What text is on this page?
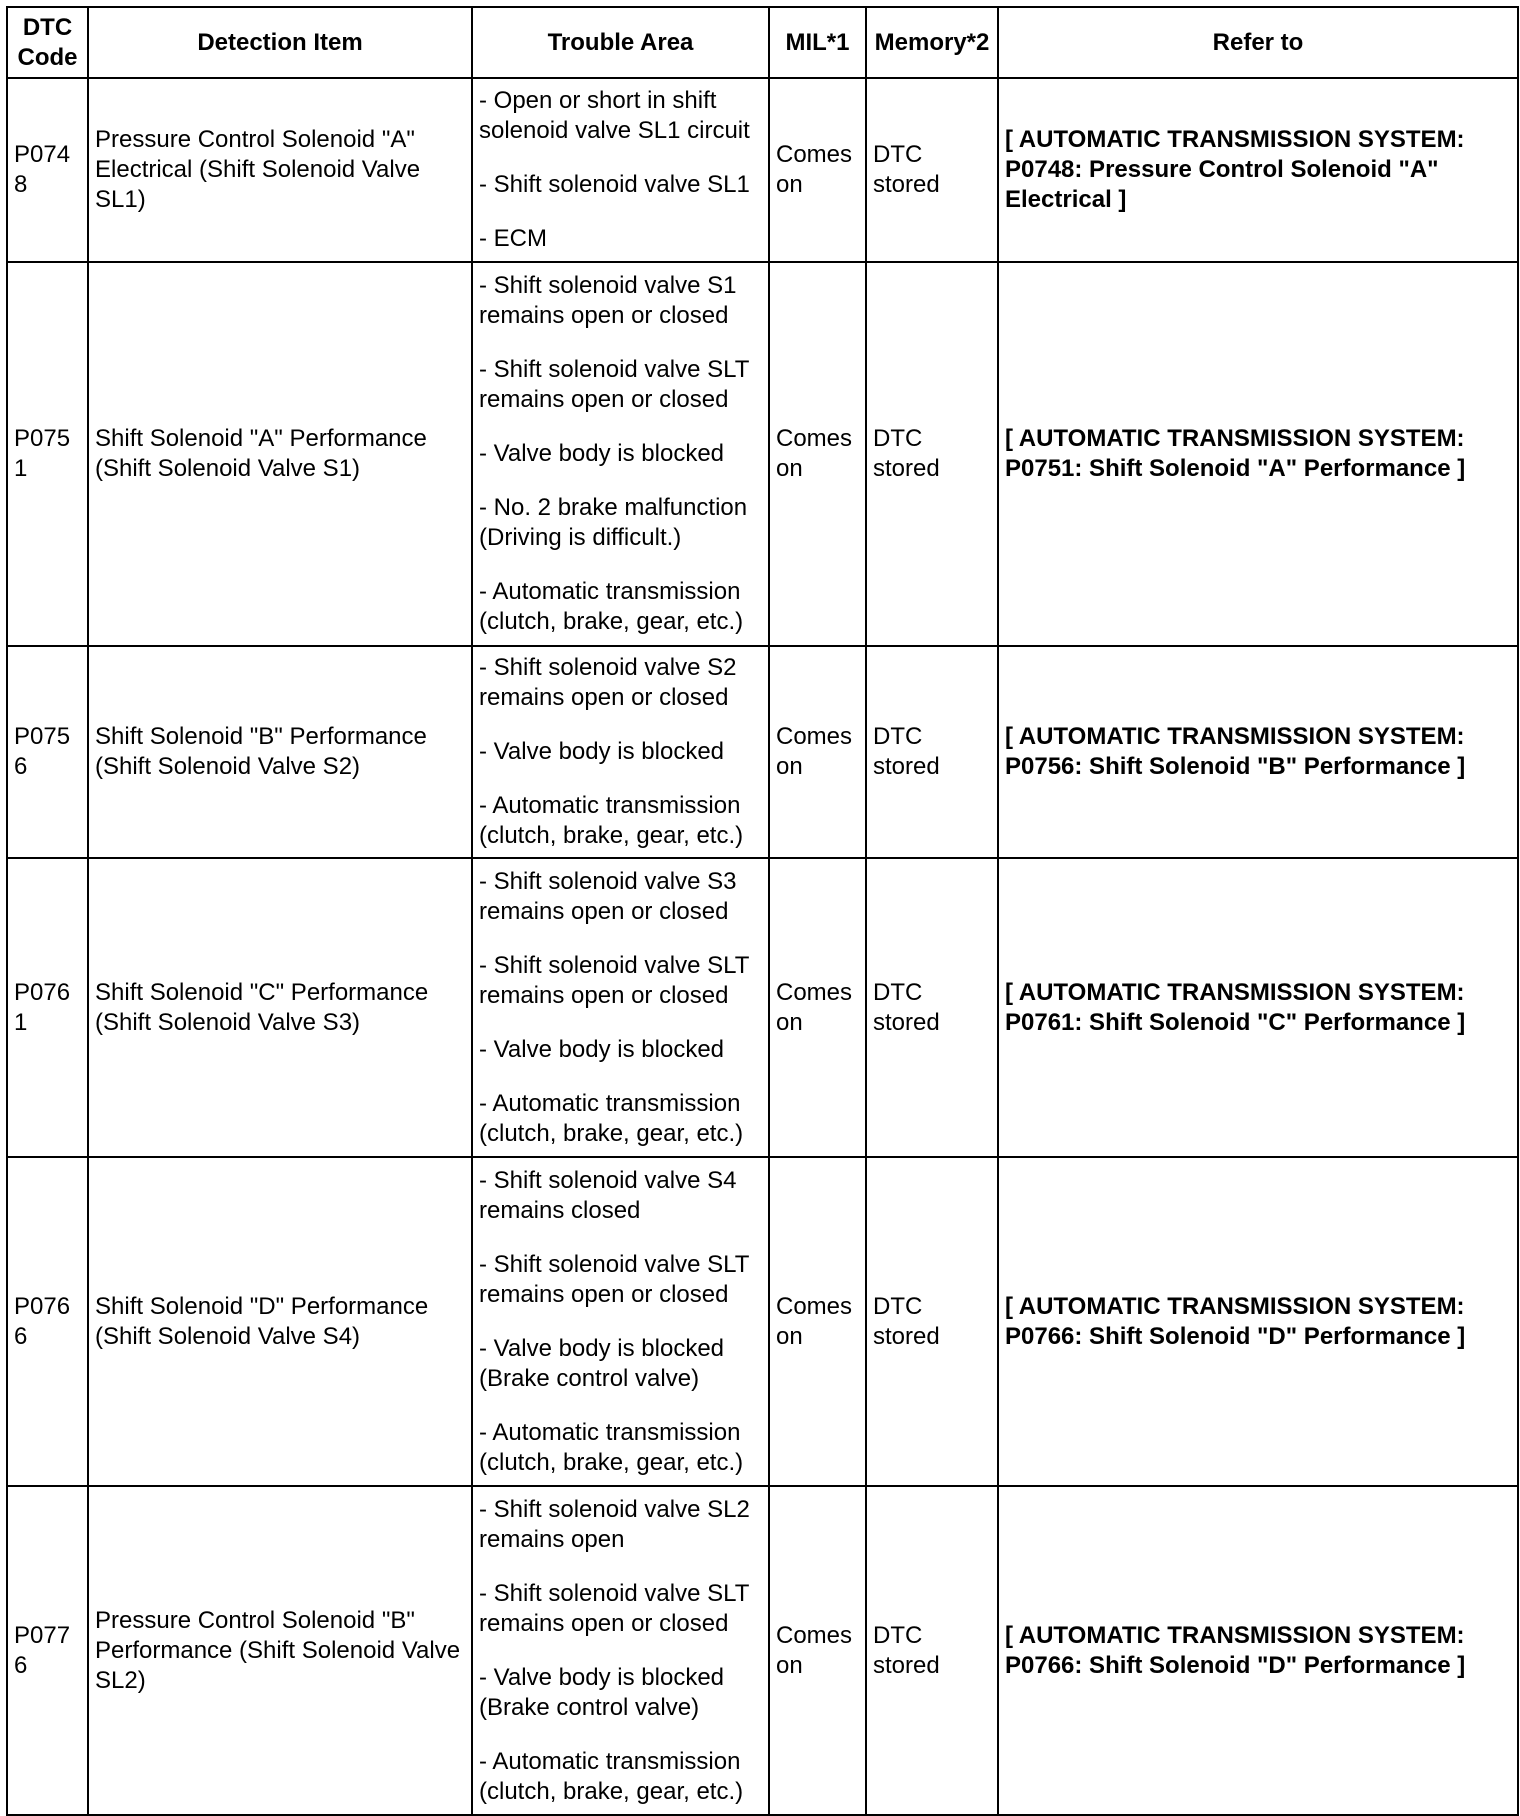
DTC Code	Detection Item	Trouble Area	MIL*1	Memory*2	Refer to
P0748	Pressure Control Solenoid "A" Electrical (Shift Solenoid Valve SL1)	- Open or short in shift solenoid valve SL1 circuit
- Shift solenoid valve SL1
- ECM	Comes on	DTC stored	[ AUTOMATIC TRANSMISSION SYSTEM:
P0748: Pressure Control Solenoid "A"
Electrical ]

P0751	Shift Solenoid "A" Performance (Shift Solenoid Valve S1)	- Shift solenoid valve S1 remains open or closed
- Shift solenoid valve SLT remains open or closed
- Valve body is blocked
- No. 2 brake malfunction (Driving is difficult.)
- Automatic transmission (clutch, brake, gear, etc.)	Comes on	DTC stored	[ AUTOMATIC TRANSMISSION SYSTEM:
P0751: Shift Solenoid "A" Performance ]

P0756	Shift Solenoid "B" Performance (Shift Solenoid Valve S2)	- Shift solenoid valve S2 remains open or closed
- Valve body is blocked
- Automatic transmission (clutch, brake, gear, etc.)	Comes on	DTC stored	[ AUTOMATIC TRANSMISSION SYSTEM:
P0756: Shift Solenoid "B" Performance ]

P0761	Shift Solenoid "C" Performance (Shift Solenoid Valve S3)	- Shift solenoid valve S3 remains open or closed
- Shift solenoid valve SLT remains open or closed
- Valve body is blocked
- Automatic transmission (clutch, brake, gear, etc.)	Comes on	DTC stored	[ AUTOMATIC TRANSMISSION SYSTEM:
P0761: Shift Solenoid "C" Performance ]

P0766	Shift Solenoid "D" Performance (Shift Solenoid Valve S4)	- Shift solenoid valve S4 remains closed
- Shift solenoid valve SLT remains open or closed
- Valve body is blocked (Brake control valve)
- Automatic transmission (clutch, brake, gear, etc.)	Comes on	DTC stored	[ AUTOMATIC TRANSMISSION SYSTEM:
P0766: Shift Solenoid "D" Performance ]

P0776	Pressure Control Solenoid "B" Performance (Shift Solenoid Valve SL2)	- Shift solenoid valve SL2 remains open
- Shift solenoid valve SLT remains open or closed
- Valve body is blocked (Brake control valve)
- Automatic transmission (clutch, brake, gear, etc.)	Comes on	DTC stored	[ AUTOMATIC TRANSMISSION SYSTEM:
P0766: Shift Solenoid "D" Performance ]
